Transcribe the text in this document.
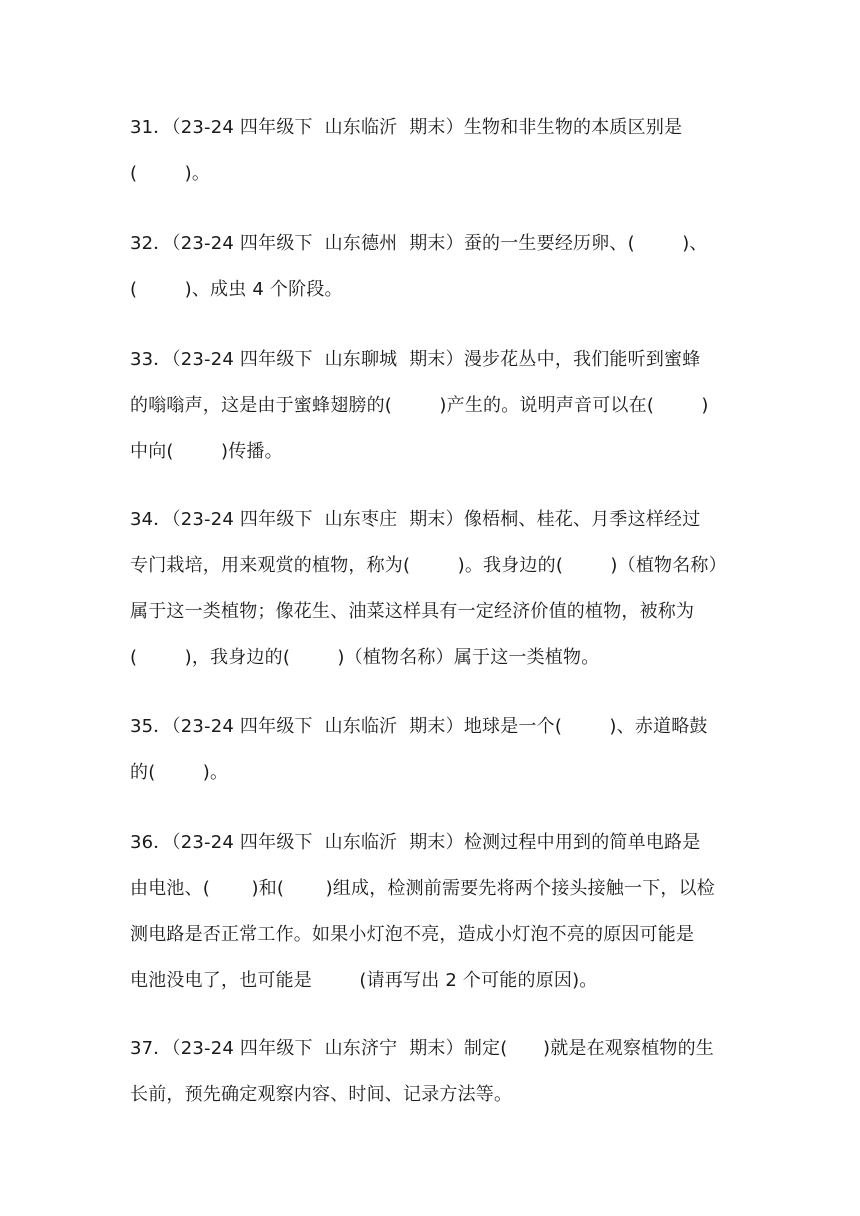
31．（23-24 四年级下  山东临沂  期末）生物和非生物的本质区别是
(        )。
32．（23-24 四年级下  山东德州  期末）蚕的一生要经历卵、(        )、
(        )、成虫 4 个阶段。
33．（23-24 四年级下  山东聊城  期末）漫步花丛中，我们能听到蜜蜂
的嗡嗡声，这是由于蜜蜂翅膀的(        )产生的。说明声音可以在(        )
中向(        )传播。
34．（23-24 四年级下  山东枣庄  期末）像梧桐、桂花、月季这样经过
专门栽培，用来观赏的植物，称为(        )。我身边的(        )（植物名称）
属于这一类植物；像花生、油菜这样具有一定经济价值的植物，被称为
(        )，我身边的(        )（植物名称）属于这一类植物。
35．（23-24 四年级下  山东临沂  期末）地球是一个(        )、赤道略鼓
的(        )。
36．（23-24 四年级下  山东临沂  期末）检测过程中用到的简单电路是
由电池、(       )和(       )组成，检测前需要先将两个接头接触一下，以检
测电路是否正常工作。如果小灯泡不亮，造成小灯泡不亮的原因可能是
电池没电了，也可能是        (请再写出 2 个可能的原因)。
37．（23-24 四年级下  山东济宁  期末）制定(      )就是在观察植物的生
长前，预先确定观察内容、时间、记录方法等。
